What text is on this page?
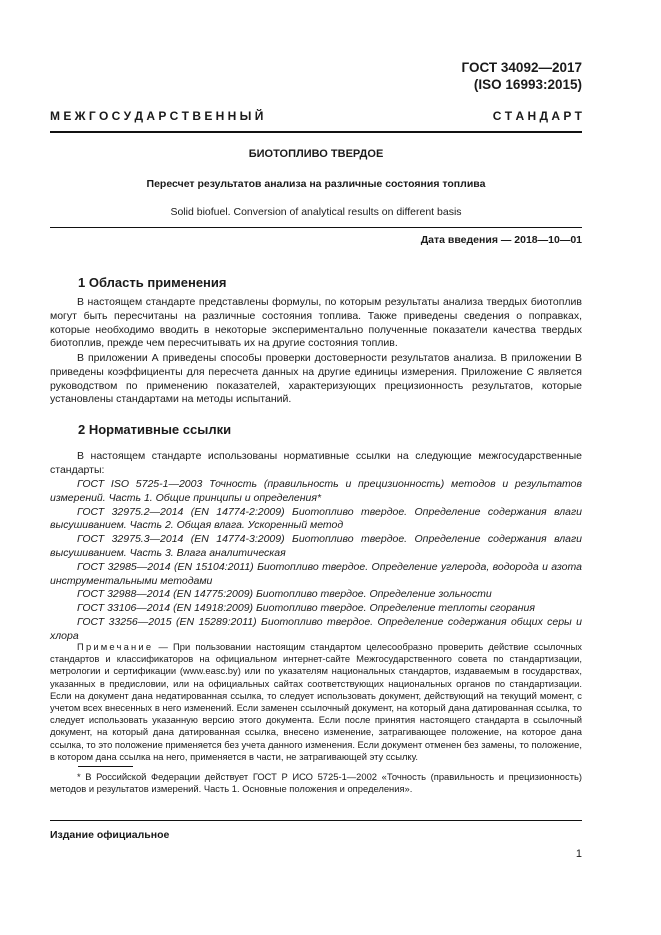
ГОСТ 34092—2017
(ISO 16993:2015)
М Е Ж Г О С У Д А Р С Т В Е Н Н Ы Й	С Т А Н Д А Р Т
БИОТОПЛИВО ТВЕРДОЕ
Пересчет результатов анализа на различные состояния топлива
Solid biofuel. Conversion of analytical results on different basis
Дата введения — 2018—10—01
1 Область применения
В настоящем стандарте представлены формулы, по которым результаты анализа твердых биотоплив могут быть пересчитаны на различные состояния топлива. Также приведены сведения о поправках, которые необходимо вводить в некоторые экспериментально полученные показатели качества твердых биотоплив, прежде чем пересчитывать их на другие состояния топлив.
В приложении А приведены способы проверки достоверности результатов анализа. В приложении В приведены коэффициенты для пересчета данных на другие единицы измерения. Приложение С является руководством по применению показателей, характеризующих прецизионность результатов, которые установлены стандартами на методы испытаний.
2 Нормативные ссылки
В настоящем стандарте использованы нормативные ссылки на следующие межгосударственные стандарты:
ГОСТ ISO 5725-1—2003 Точность (правильность и прецизионность) методов и результатов измерений. Часть 1. Общие принципы и определения*
ГОСТ 32975.2—2014 (EN 14774-2:2009) Биотопливо твердое. Определение содержания влаги высушиванием. Часть 2. Общая влага. Ускоренный метод
ГОСТ 32975.3—2014 (EN 14774-3:2009) Биотопливо твердое. Определение содержания влаги высушиванием. Часть 3. Влага аналитическая
ГОСТ 32985—2014 (EN 15104:2011) Биотопливо твердое. Определение углерода, водорода и азота инструментальными методами
ГОСТ 32988—2014 (EN 14775:2009) Биотопливо твердое. Определение зольности
ГОСТ 33106—2014 (EN 14918:2009) Биотопливо твердое. Определение теплоты сгорания
ГОСТ 33256—2015 (EN 15289:2011) Биотопливо твердое. Определение содержания общих серы и хлора
Примечание — При пользовании настоящим стандартом целесообразно проверить действие ссылочных стандартов и классификаторов на официальном интернет-сайте Межгосударственного совета по стандартизации, метрологии и сертификации (www.easc.by) или по указателям национальных стандартов, издаваемым в государствах, указанных в предисловии, или на официальных сайтах соответствующих национальных органов по стандартизации. Если на документ дана недатированная ссылка, то следует использовать документ, действующий на текущий момент, с учетом всех внесенных в него изменений. Если заменен ссылочный документ, на который дана датированная ссылка, то следует использовать указанную версию этого документа. Если после принятия настоящего стандарта в ссылочный документ, на который дана датированная ссылка, внесено изменение, затрагивающее положение, на которое дана ссылка, то это положение применяется без учета данного изменения. Если документ отменен без замены, то положение, в котором дана ссылка на него, применяется в части, не затрагивающей эту ссылку.
* В Российской Федерации действует ГОСТ Р ИСО 5725-1—2002 «Точность (правильность и прецизионность) методов и результатов измерений. Часть 1. Основные положения и определения».
Издание официальное
1
